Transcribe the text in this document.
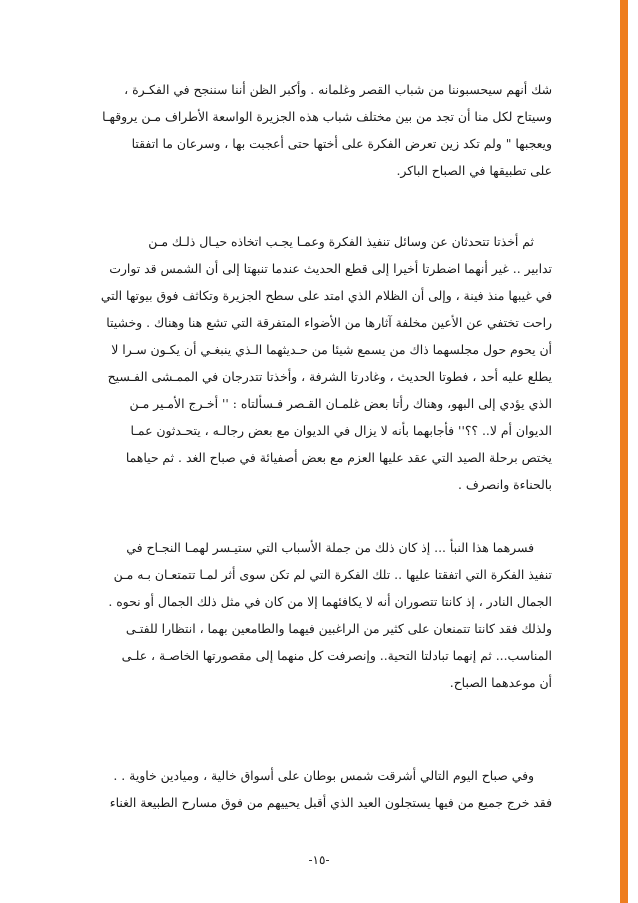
شك أنهم سيحسبوننا من شباب القصر وغلمانه . وأكبر الظن أننا سننجح في الفكـرة ،
وسيتاح لكل منا أن تجد من بين مختلف شباب هذه الجزيرة الواسعة الأطراف مـن يروقهـا
ويعجبها " ولم تكد زين تعرض الفكرة على أختها حتى أعجبت بها ، وسرعان ما اتفقتا
على تطبيقها في الصباح الباكر.
ثم أخذتا تتحدثان عن وسائل تنفيذ الفكرة وعمـا يجـب اتخاذه حيـال ذلـك مـن
تدابير .. غير أنهما اضطرتا أخيرا إلى قطع الحديث عندما تنبهتا إلى أن الشمس قد توارت
في غيبها منذ فينة ، وإلى أن الظلام الذي امتد على سطح الجزيرة وتكاثف فوق بيوتها التي
راحت تختفي عن الأعين مخلفة آثارها من الأضواء المتفرقة التي تشع هنا وهناك . وخشيتا
أن يحوم حول مجلسهما ذاك من يسمع شيئا من حـديثهما الـذي ينبغـي أن يكـون سـرا لا
يطلع عليه أحد ، فطوتا الحديث ، وغادرتا الشرفة ، وأخذتا تتدرجان في الممـشى الفـسيح
الذي يؤدي إلى البهو، وهناك رأتا بعض غلمـان القـصر فـسألتاه : '' أخـرج الأمـير مـن
الديوان أم لا.. ؟؟'' فأجابهما بأنه لا يزال في الديوان مع بعض رجالـه ، يتحـدثون عمـا
يختص برحلة الصيد التي عقد عليها العزم مع بعض أصفيائة في صباح الغد . ثم حياهما
بالحناءة وانصرف .
فسرهما هذا النبأ ... إذ كان ذلك من جملة الأسباب التي ستيـسر لهمـا النجـاح في
تنفيذ الفكرة التي اتفقتا عليها .. تلك الفكرة التي لم تكن سوى أثر لمـا تتمتعـان بـه مـن
الجمال النادر ، إذ كانتا تتصوران أنه لا يكافئهما إلا من كان في مثل ذلك الجمال أو نحوه .
ولذلك فقد كانتا تتمنعان على كثير من الراغبين فيهما والطامعين بهما ، انتظارا للفتـى
المناسب... ثم إنهما تبادلتا التحية.. وإنصرفت كل منهما إلى مقصورتها الخاصـة ، علـى
أن موعدهما الصباح.
وفي صباح اليوم التالي أشرقت شمس بوطان على أسواق خالية ، وميادين خاوية . .
فقد خرج جميع من فيها يستجلون العيد الذي أقبل يحييهم من فوق مسارح الطبيعة الغناء
-١٥-
